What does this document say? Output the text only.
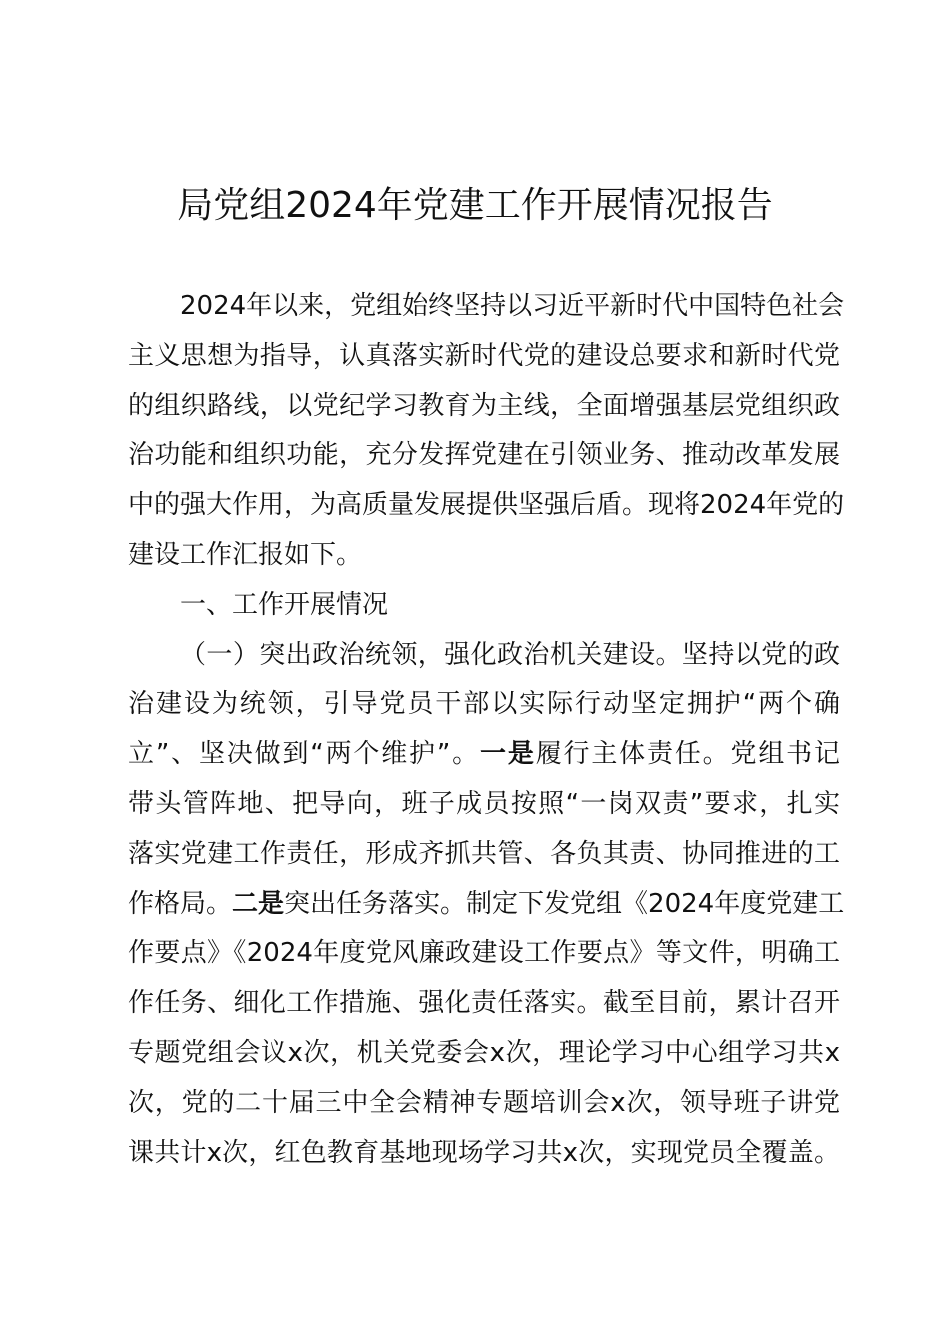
局党组2024年党建工作开展情况报告
2024年以来，党组始终坚持以习近平新时代中国特色社会
主义思想为指导，认真落实新时代党的建设总要求和新时代党
的组织路线，以党纪学习教育为主线，全面增强基层党组织政
治功能和组织功能，充分发挥党建在引领业务、推动改革发展
中的强大作用，为高质量发展提供坚强后盾。现将2024年党的
建设工作汇报如下。
一、工作开展情况
（一）突出政治统领，强化政治机关建设。坚持以党的政
治建设为统领，引导党员干部以实际行动坚定拥护“两个确
立”、坚决做到“两个维护”。一是履行主体责任。党组书记
带头管阵地、把导向，班子成员按照“一岗双责”要求，扎实
落实党建工作责任，形成齐抓共管、各负其责、协同推进的工
作格局。二是突出任务落实。制定下发党组《2024年度党建工
作要点》《2024年度党风廉政建设工作要点》等文件，明确工
作任务、细化工作措施、强化责任落实。截至目前，累计召开
专题党组会议x次，机关党委会x次，理论学习中心组学习共x
次，党的二十届三中全会精神专题培训会x次，领导班子讲党
课共计x次，红色教育基地现场学习共x次，实现党员全覆盖。
